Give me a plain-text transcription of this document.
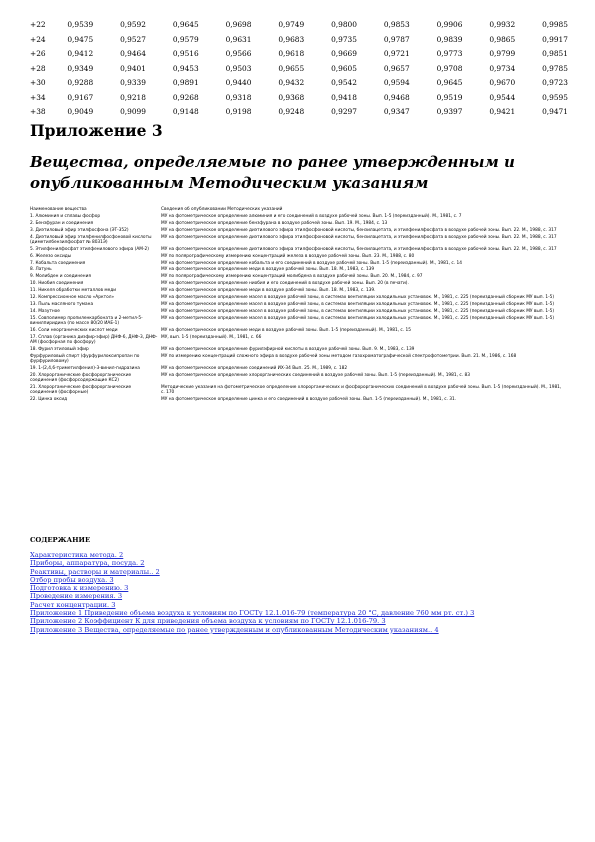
+22	0,9539	0,9592	0,9645	0,9698	0,9749	0,9800	0,9853	0,9906	0,9932	0,9985
+24	0,9475	0,9527	0,9579	0,9631	0,9683	0,9735	0,9787	0,9839	0,9865	0,9917
+26	0,9412	0,9464	0,9516	0,9566	0,9618	0,9669	0,9721	0,9773	0,9799	0,9851
+28	0,9349	0,9401	0,9453	0,9503	0,9655	0,9605	0,9657	0,9708	0,9734	0,9785
+30	0,9288	0,9339	0,9891	0,9440	0,9432	0,9542	0,9594	0,9645	0,9670	0,9723
+34	0,9167	0,9218	0,9268	0,9318	0,9368	0,9418	0,9468	0,9519	0,9544	0,9595
+38	0,9049	0,9099	0,9148	0,9198	0,9248	0,9297	0,9347	0,9397	0,9421	0,9471
Приложение 3
Вещества, определяемые по ранее утвержденным и опубликованным Методическим указаниям
Наименование вещества	Сведения об опубликовании Методических указаний
1. Алюминия и сплавы фосфор	МУ на фотометрическое определение алюминия и его соединений в воздухе рабочей зоны. Вып. 1-5 (переизданный). М., 1981, с. 7
2. Бензфуран и соединения	МУ на фотометрическое определение бензфурана в воздухе рабочей зоны. Вып. 19. М., 1984, с. 13
3. Диэтиловый эфир этилфосфона (ЭТ-352)	МУ на фотометрическое определение диэтилового эфира этилфосфоновой кислоты, бензилацетата, и этилфенилфосфата в воздухе рабочей зоны. Вып. 22. М., 1988, с. 317
4. Диэтиловый эфир этилфенилфосфоновой кислоты (диметилбензилфосфат № 8031Э)	МУ на фотометрическое определение диэтилового эфира этилфосфоновой кислоты, бензилацетата, и этилфенилфосфата в воздухе рабочей зоны. Вып. 22. М., 1988, с. 317
5. Этилфенилфосфат этилфенилового эфира (АМ-2)	МУ на фотометрическое определение диэтилового эфира этилфосфоновой кислоты, бензилацетата, и этилфенилфосфата в воздухе рабочей зоны. Вып. 22. М., 1988, с. 317
6. Железо оксиды	МУ по полярографическому измерению концентраций железа в воздухе рабочей зоны. Вып. 23. М., 1988, с. 80
7. Кобальта соединения	МУ на фотометрическое определение кобальта и его соединений в воздухе рабочей зоны. Вып. 1-5 (переизданный). М., 1981, с. 14
8. Латунь	МУ на фотометрическое определение меди в воздухе рабочей зоны. Вып. 18. М., 1983, с. 139
9. Молибден и соединения	МУ по полярографическому измерению концентраций молибдена в воздухе рабочей зоны. Вып. 20. М., 1984, с. 97
10. Ниобия соединения	МУ на фотометрическое определение ниобия и его соединений в воздухе рабочей зоны. Вып. 20 (в печати).
11. Никеля обработки металлов меди	МУ на фотометрическое определение меди в воздухе рабочей зоны. Вып. 18. М., 1983, с. 139.
12. Компрессионное масло «Арктол»	МУ на фотометрическое определение масел в воздухе рабочей зоны, в системах вентиляции холодильных установок. М., 1981, с. 225 (переизданный сборник МУ вып. 1-5)
13. Пыль масляного тумана	МУ на фотометрическое определение масел в воздухе рабочей зоны, в системах вентиляции холодильных установок. М., 1981, с. 225 (переизданный сборник МУ вып. 1-5)
14. Мазутное	МУ на фотометрическое определение масел в воздухе рабочей зоны, в системах вентиляции холодильных установок. М., 1981, с. 225 (переизданный сборник МУ вып. 1-5)
15. Совполимер пропиленкарбоната и 2-метил-5-винилпиридина (по массе 80/20 ИАЕ-1)	МУ на фотометрическое определение масел в воздухе рабочей зоны, в системах вентиляции холодильных установок. М., 1981, с. 225 (переизданный сборник МУ вып. 1-5)
16. Соли неорганических кислот меди	МУ на фотометрическое определение меди в воздухе рабочей зоны. Вып. 1-5 (переизданный). М., 1981, с. 15
17. Сплав (органика диэфир-эфир) ДНФ-6, ДНФ-3, ДНФ-АМ (фосфорная по фосфору)	МУ, вып. 1-5 (переизданный). М., 1981, с. 66
18. Фурил этиловый эфир	МУ на фотометрическое определение фурилэфирной кислоты в воздухе рабочей зоны. Вып. 9. М., 1983, с. 139
Фурфуриловый спирт (фурфурилоксипропан по фурфуриловому)	МУ по измерению концентраций сложного эфира в воздухе рабочей зоны методом газохроматографической спектрофотометрии. Вып. 21. М., 1986, с. 168
19. 1-(2,4,6-триметилфенил)-3-винил-гидразина	МУ на фотометрическое определение соединений ИХ-34 Вып. 25. М., 1989, с. 182
20. Хлорорганические фосфорорганические соединения (фосфорсодержащие КС2)	МУ на фотометрическое определение хлорорганических соединений в воздухе рабочей зоны. Вып. 1-5 (переизданный). М., 1981, с. 83
21. Хлорорганические фосфорорганические соединения (фосфорные)	Методические указания на фотометрическое определение хлорорганических и фосфорорганических соединений в воздухе рабочей зоны. Вып. 1-5 (переизданный). М., 1981, с. 170
22. Цинка оксид	МУ на фотометрическое определение цинка и его соединений в воздухе рабочей зоны. Вып. 1-5 (переизданный). М., 1981, с. 31.
СОДЕРЖАНИЕ
Характеристика метода. 2
Приборы, аппаратура, посуда. 2
Реактивы, растворы и материалы.. 2
Отбор пробы воздуха. 3
Подготовка к измерению. 3
Проведение измерения. 3
Расчет концентрации. 3
Приложение 1 Приведение объема воздуха к условиям по ГОСТу 12.1.016-79 (температура 20 °С, давление 760 мм рт. ст.) 3
Приложение 2 Коэффициент К для приведения объема воздуха к условиям по ГОСТу 12.1.016-79. 3
Приложение 3 Вещества, определяемые по ранее утвержденным и опубликованным Методическим указаниям.. 4
